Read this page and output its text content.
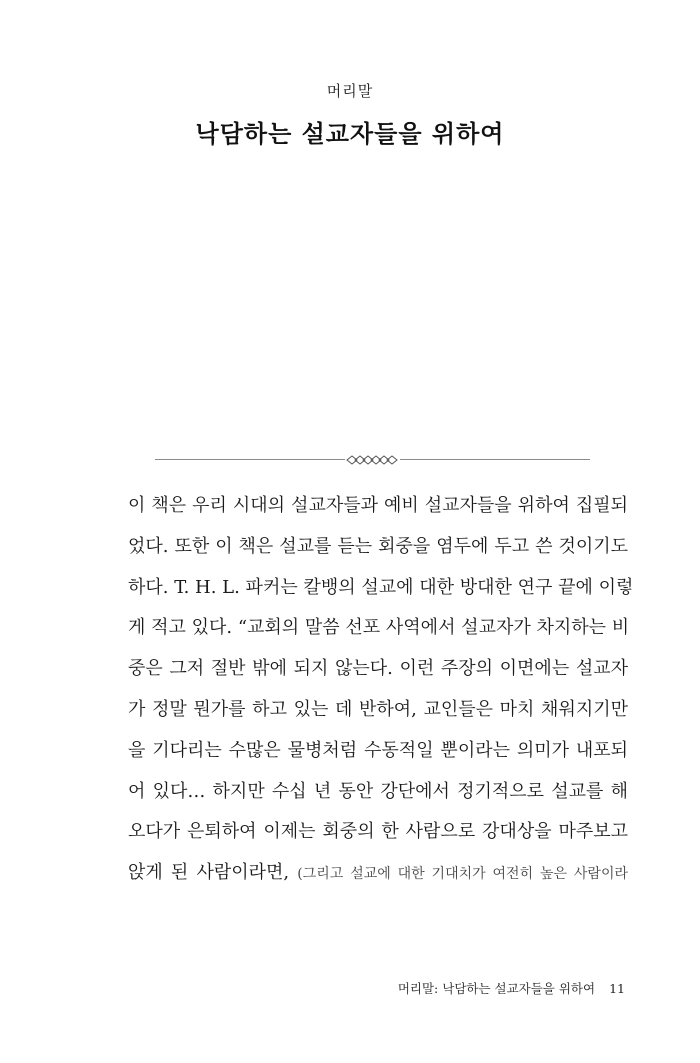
머리말
낙담하는 설교자들을 위하여
이 책은 우리 시대의 설교자들과 예비 설교자들을 위하여 집필되
었다. 또한 이 책은 설교를 듣는 회중을 염두에 두고 쓴 것이기도
하다. T. H. L. 파커는 칼뱅의 설교에 대한 방대한 연구 끝에 이렇
게 적고 있다. “교회의 말씀 선포 사역에서 설교자가 차지하는 비
중은 그저 절반 밖에 되지 않는다. 이런 주장의 이면에는 설교자
가 정말 뭔가를 하고 있는 데 반하여, 교인들은 마치 채워지기만
을 기다리는 수많은 물병처럼 수동적일 뿐이라는 의미가 내포되
어 있다… 하지만 수십 년 동안 강단에서 정기적으로 설교를 해
오다가 은퇴하여 이제는 회중의 한 사람으로 강대상을 마주보고
앉게 된 사람이라면, (그리고 설교에 대한 기대치가 여전히 높은 사람이라
머리말: 낙담하는 설교자들을 위하여 11
